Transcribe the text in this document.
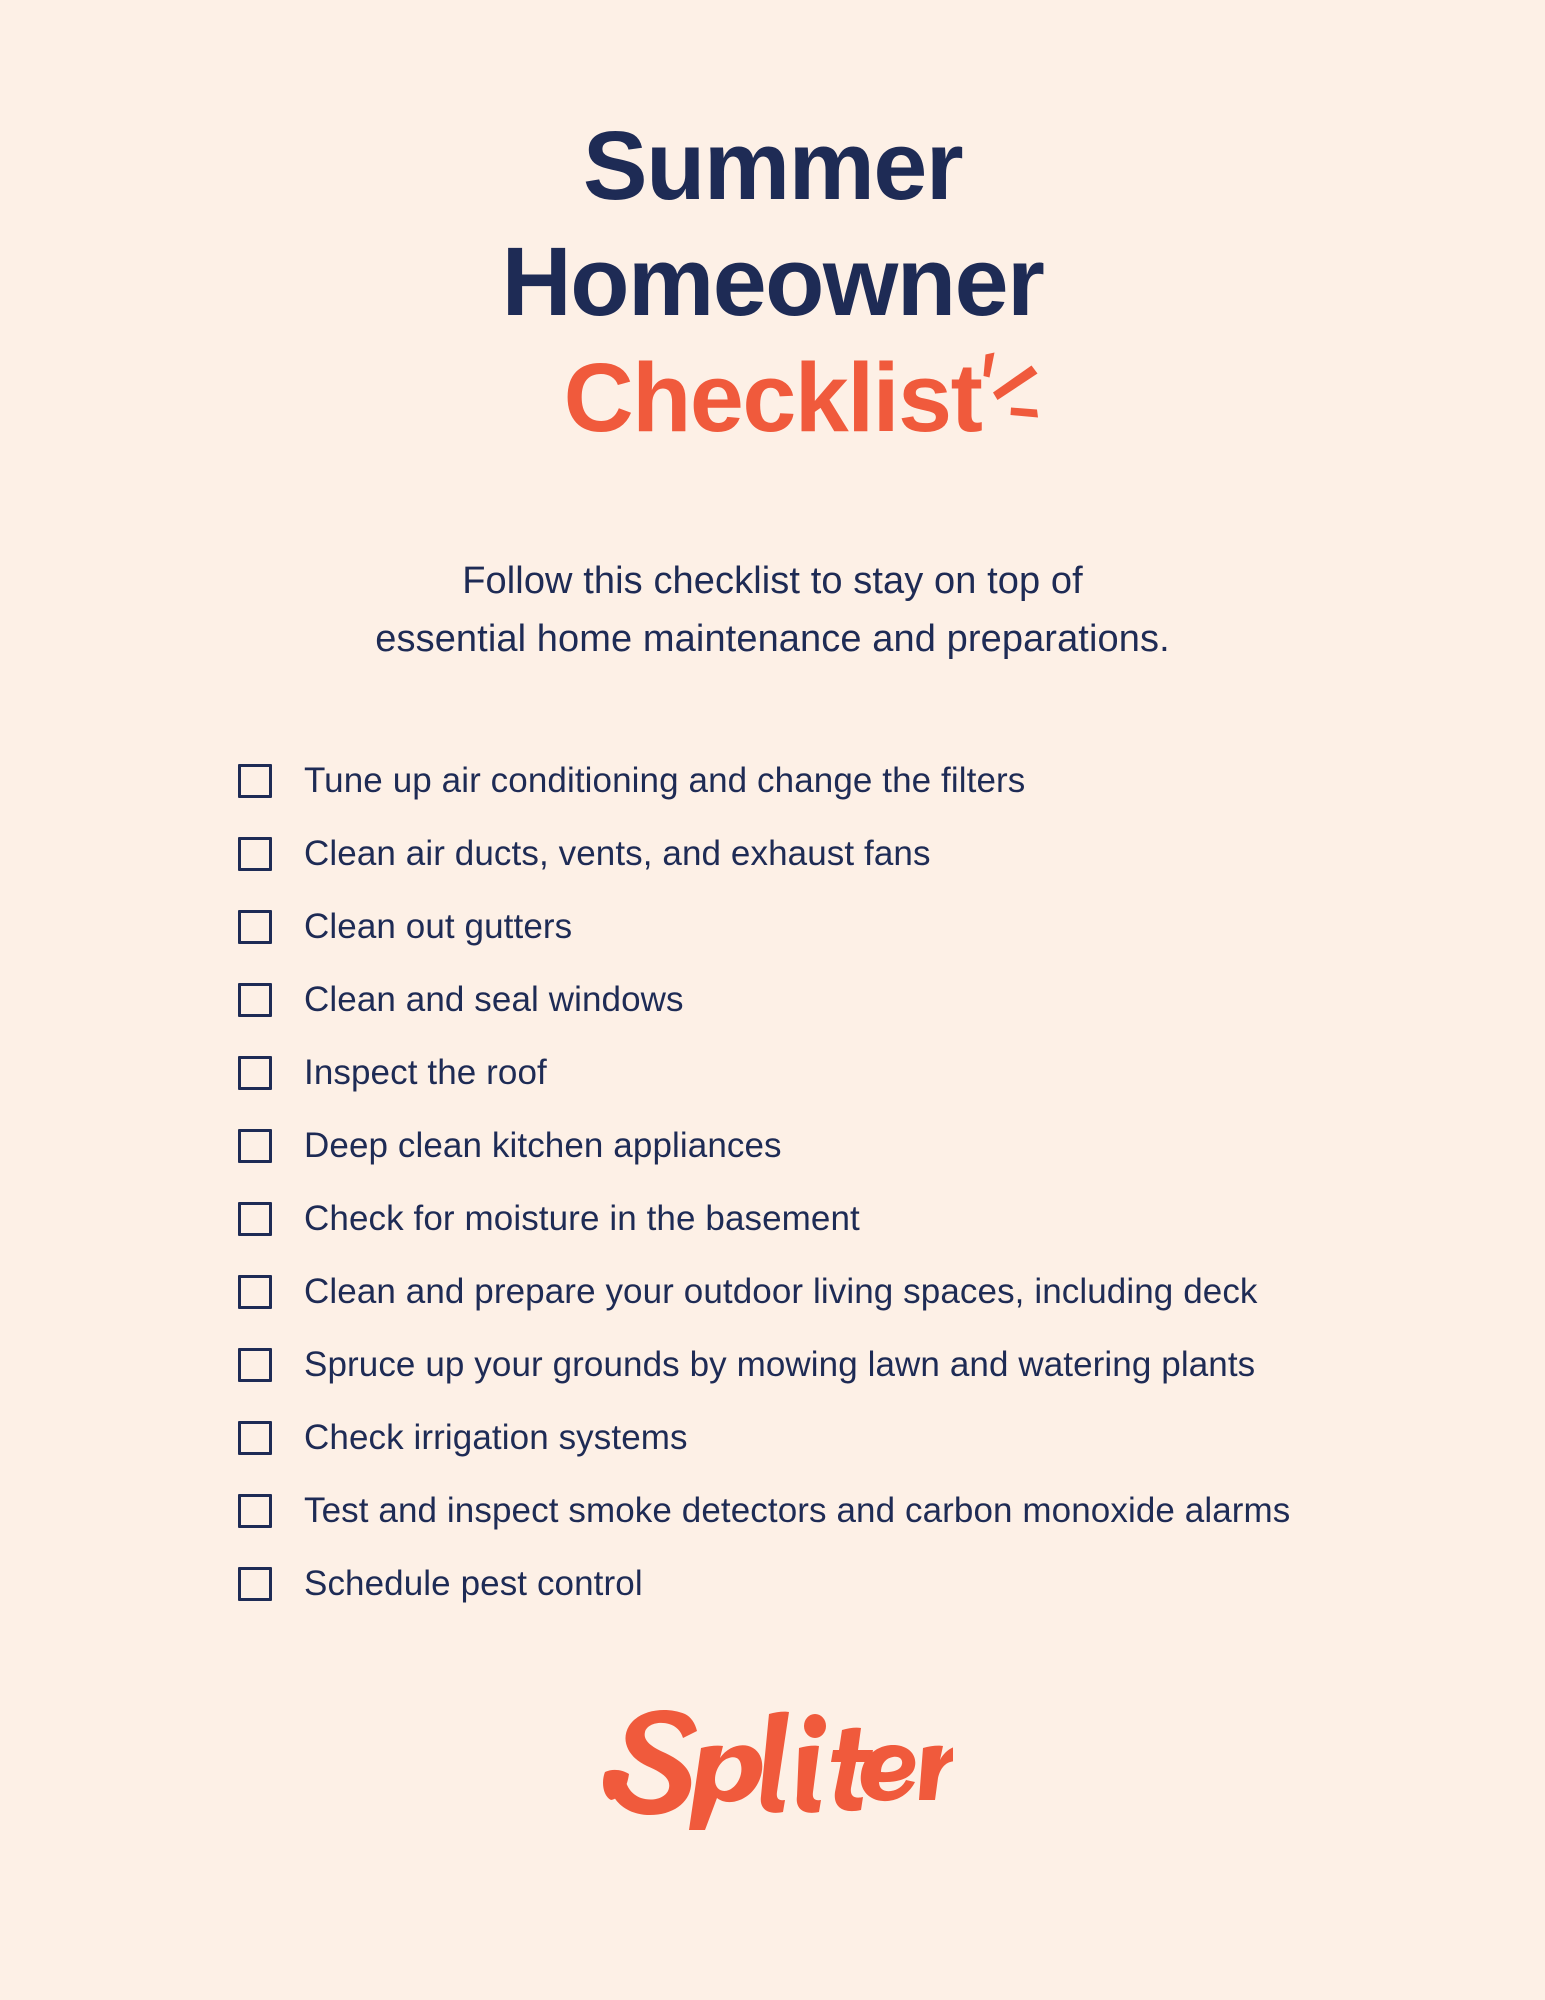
Summer
Homeowner
Checklist

Follow this checklist to stay on top of

essential home maintenance and preparations.

Tune up air conditioning and change the filters
Clean air ducts, vents, and exhaust fans
Clean out gutters
Clean and seal windows
Inspect the roof
Deep clean kitchen appliances
Check for moisture in the basement
Clean and prepare your outdoor living spaces, including deck
Spruce up your grounds by mowing lawn and watering plants
Check irrigation systems
Test and inspect smoke detectors and carbon monoxide alarms
Schedule pest control
